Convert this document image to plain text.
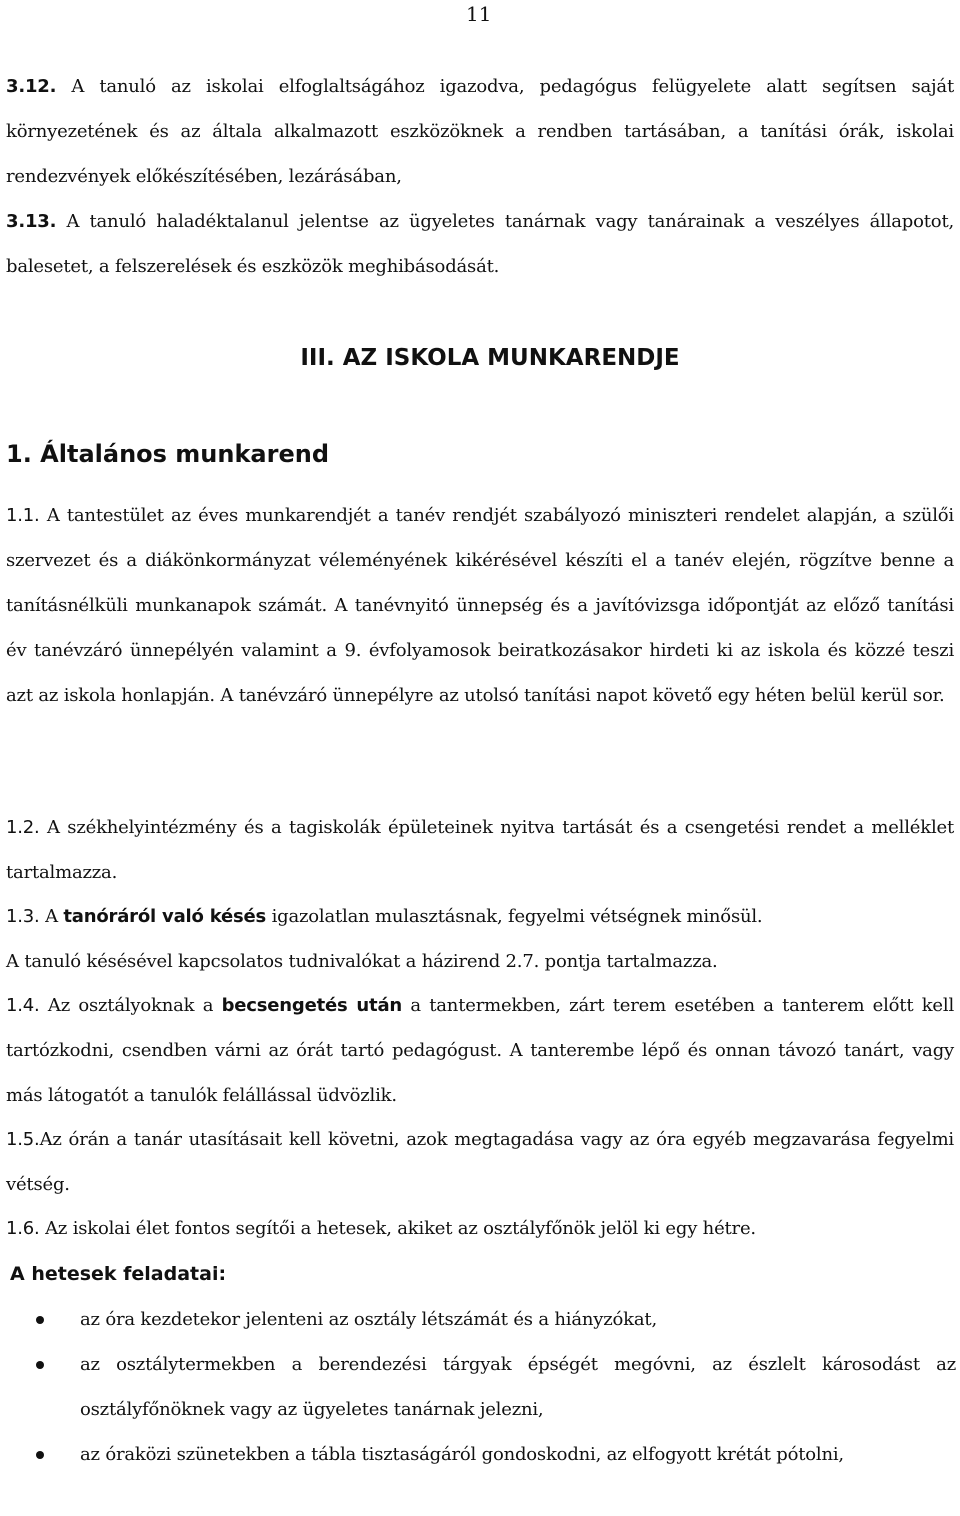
11
3.12. A tanuló az iskolai elfoglaltságához igazodva, pedagógus felügyelete alatt segítsen saját környezetének és az általa alkalmazott eszközöknek a rendben tartásában, a tanítási órák, iskolai rendezvények előkészítésében, lezárásában,
3.13. A tanuló haladéktalanul jelentse az ügyeletes tanárnak vagy tanárainak a veszélyes állapotot, balesetet, a felszerelések és eszközök meghibásodását.
III. AZ ISKOLA MUNKARENDJE
1. Általános munkarend
1.1. A tantestület az éves munkarendjét a tanév rendjét szabályozó miniszteri rendelet alapján, a szülői szervezet és a diákönkormányzat véleményének kikérésével készíti el a tanév elején, rögzítve benne a tanításnélküli munkanapok számát. A tanévnyitó ünnepség és a javítóvizsga időpontját az előző tanítási év tanévzáró ünnepélyén valamint a 9. évfolyamosok beiratkozásakor hirdeti ki az iskola és közzé teszi azt az iskola honlapján. A tanévzáró ünnepélyre az utolsó tanítási napot követő egy héten belül kerül sor.
1.2. A székhelyintézmény és a tagiskolák épületeinek nyitva tartását és a csengetési rendet a melléklet tartalmazza.
1.3. A tanóráról való késés igazolatlan mulasztásnak, fegyelmi vétségnek minősül.
A tanuló késésével kapcsolatos tudnivalókat a házirend 2.7. pontja tartalmazza.
1.4. Az osztályoknak a becsengetés után a tantermekben, zárt terem esetében a tanterem előtt kell tartózkodni, csendben várni az órát tartó pedagógust. A tanterembe lépő és onnan távozó tanárt, vagy más látogatót a tanulók felállással üdvözlik.
1.5.Az órán a tanár utasításait kell követni, azok megtagadása vagy az óra egyéb megzavarása fegyelmi vétség.
1.6. Az iskolai élet fontos segítői a hetesek, akiket az osztályfőnök jelöl ki egy hétre.
A hetesek feladatai:
az óra kezdetekor jelenteni az osztály létszámát és a hiányzókat,
az osztálytermekben a berendezési tárgyak épségét megóvni, az észlelt károsodást az osztályfőnöknek vagy az ügyeletes tanárnak jelezni,
az óraközi szünetekben a tábla tisztaságáról gondoskodni, az elfogyott krétát pótolni,
